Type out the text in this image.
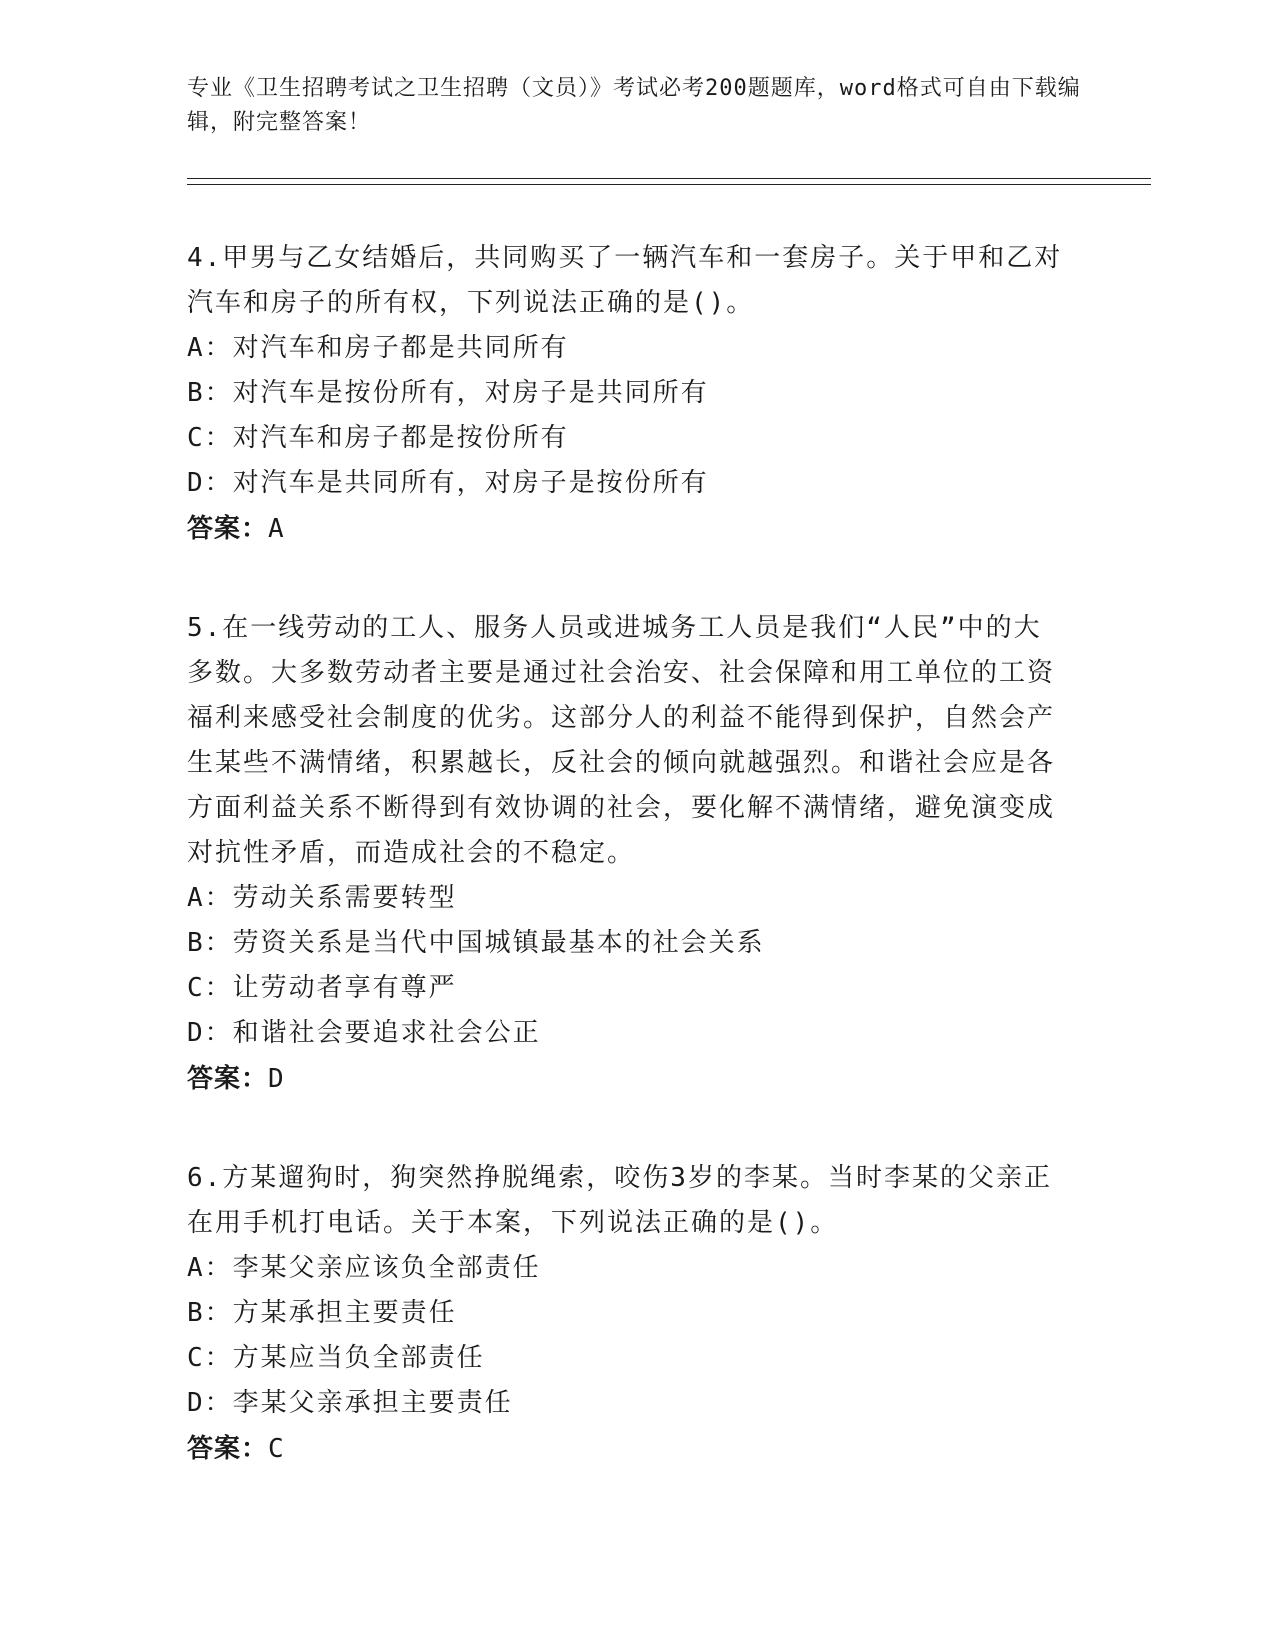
专业《卫生招聘考试之卫生招聘（文员）》考试必考200题题库，word格式可自由下载编辑，附完整答案！
4.甲男与乙女结婚后，共同购买了一辆汽车和一套房子。关于甲和乙对汽车和房子的所有权，下列说法正确的是()。
A：对汽车和房子都是共同所有
B：对汽车是按份所有，对房子是共同所有
C：对汽车和房子都是按份所有
D：对汽车是共同所有，对房子是按份所有
答案：A
5.在一线劳动的工人、服务人员或进城务工人员是我们“人民”中的大多数。大多数劳动者主要是通过社会治安、社会保障和用工单位的工资福利来感受社会制度的优劣。这部分人的利益不能得到保护，自然会产生某些不满情绪，积累越长，反社会的倾向就越强烈。和谐社会应是各方面利益关系不断得到有效协调的社会，要化解不满情绪，避免演变成对抗性矛盾，而造成社会的不稳定。
A：劳动关系需要转型
B：劳资关系是当代中国城镇最基本的社会关系
C：让劳动者享有尊严
D：和谐社会要追求社会公正
答案：D
6.方某遛狗时，狗突然挣脱绳索，咬伤3岁的李某。当时李某的父亲正在用手机打电话。关于本案，下列说法正确的是()。
A：李某父亲应该负全部责任
B：方某承担主要责任
C：方某应当负全部责任
D：李某父亲承担主要责任
答案：C
